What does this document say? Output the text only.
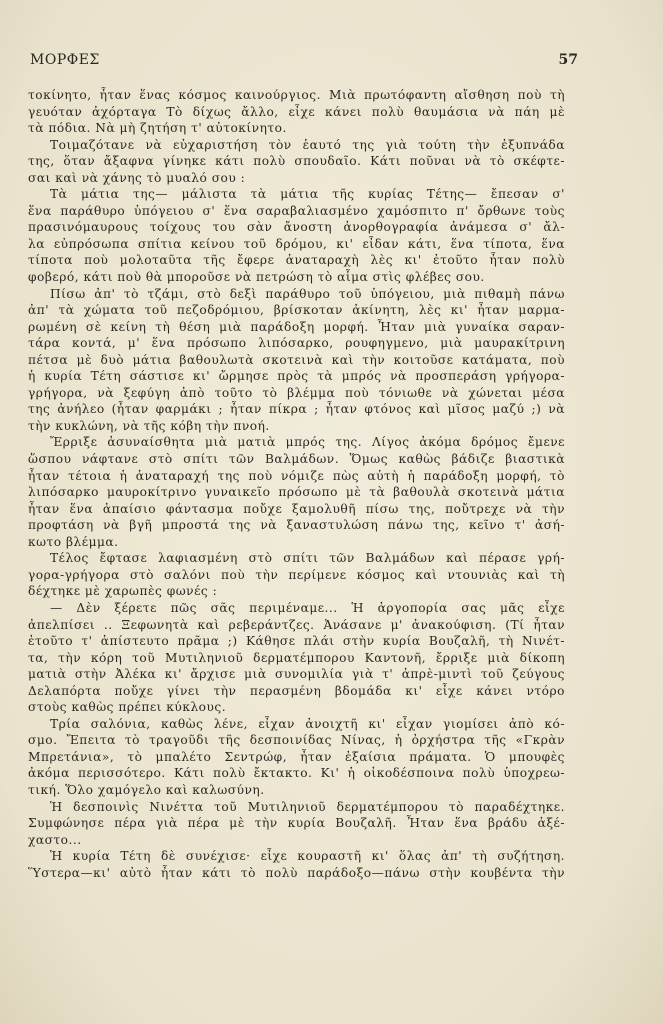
ΜΟΡΦΕΣ	57
τοκίνητο, ἦταν ἕνας κόσμος καινούργιος. Μιὰ πρωτόφαντη αἴσθηση ποὺ τὴ
γευόταν ἀχόρταγα Τὸ δίχως ἄλλο, εἶχε κάνει πολὺ θαυμάσια νὰ πάη μὲ
τὰ πόδια. Νὰ μὴ ζητήση τ' αὐτοκίνητο.
Τοιμαζότανε νὰ εὐχαριστήση τὸν ἑαυτό της γιὰ τούτη τὴν ἐξυπνάδα
της, ὅταν ἄξαφνα γίνηκε κάτι πολὺ σπουδαῖο. Κάτι ποῦναι νὰ τὸ σκέφτε-
σαι καὶ νὰ χάνης τὸ μυαλό σου :
Τὰ μάτια της— μάλιστα τὰ μάτια τῆς κυρίας Τέτης— ἔπεσαν σ'
ἕνα παράθυρο ὑπόγειου σ' ἕνα σαραβαλιασμένο χαμόσπιτο π' ὄρθωνε τοὺς
πρασινόμαυρους τοίχους του σὰν ἄνοστη ἀνορθογραφία ἀνάμεσα σ' ἄλ-
λα εὐπρόσωπα σπίτια κείνου τοῦ δρόμου, κι' εἶδαν κάτι, ἕνα τίποτα, ἕνα
τίποτα ποὺ μολοταῦτα τῆς ἔφερε ἀναταραχὴ λὲς κι' ἐτοῦτο ἦταν πολὺ
φοβερό, κάτι ποὺ θὰ μποροῦσε νὰ πετρώση τὸ αἷμα στὶς φλέβες σου.
Πίσω ἀπ' τὸ τζάμι, στὸ δεξὶ παράθυρο τοῦ ὑπόγειου, μιὰ πιθαμὴ πάνω
ἀπ' τὰ χώματα τοῦ πεζοδρόμιου, βρίσκοταν ἀκίνητη, λὲς κι' ἦταν μαρμα-
ρωμένη σὲ κείνη τὴ θέση μιὰ παράδοξη μορφή. Ἦταν μιὰ γυναίκα σαραν-
τάρα κοντά, μ' ἕνα πρόσωπο λιπόσαρκο, ρουφηγμενο, μιὰ μαυρακίτρινη
πέτσα μὲ δυὸ μάτια βαθουλωτὰ σκοτεινὰ καὶ τὴν κοιτοῦσε κατάματα, ποὺ
ἡ κυρία Τέτη σάστισε κι' ὤρμησε πρὸς τὰ μπρός νὰ προσπεράση γρήγορα-
γρήγορα, νὰ ξεφύγη ἀπὸ τοῦτο τὸ βλέμμα ποὺ τόνιωθε νὰ χώνεται μέσα
της ἀνήλεο (ἦταν φαρμάκι ; ἦταν πίκρα ; ἦταν φτόνος καὶ μῖσος μαζύ ;) νὰ
τὴν κυκλώνη, νὰ τῆς κόβη τὴν πνοή.
Ἔρριξε ἀσυναίσθητα μιὰ ματιὰ μπρός της. Λίγος ἀκόμα δρόμος ἔμενε
ὥσπου νάφτανε στὸ σπίτι τῶν Βαλμάδων. Ὅμως καθὼς βάδιζε βιαστικὰ
ἦταν τέτοια ἡ ἀναταραχή της ποὺ νόμιζε πὼς αὐτὴ ἡ παράδοξη μορφή, τὸ
λιπόσαρκο μαυροκίτρινο γυναικεῖο πρόσωπο μὲ τὰ βαθουλὰ σκοτεινὰ μάτια
ἦταν ἕνα ἀπαίσιο φάντασμα ποὔχε ξαμολυθῆ πίσω της, ποὔτρεχε νὰ τὴν
προφτάση νὰ βγῆ μπροστά της νὰ ξαναστυλώση πάνω της, κεῖνο τ' ἀσή-
κωτο βλέμμα.
Τέλος ἔφτασε λαφιασμένη στὸ σπίτι τῶν Βαλμάδων καὶ πέρασε γρή-
γορα-γρήγορα στὸ σαλόνι ποὺ τὴν περίμενε κόσμος καὶ ντουνιὰς καὶ τὴ
δέχτηκε μὲ χαρωπὲς φωνές :
— Δὲν ξέρετε πῶς σᾶς περιμέναμε... Ἡ ἀργοπορία σας μᾶς εἶχε
ἀπελπίσει .. Ξεφωνητὰ καὶ ρεβεράντζες. Ἀνάσανε μ' ἀνακούφιση. (Τί ἦταν
ἐτοῦτο τ' ἀπίστευτο πρᾶμα ;) Κάθησε πλάι στὴν κυρία Βουζαλῆ, τὴ Νινέτ-
τα, τὴν κόρη τοῦ Μυτιληνιοῦ δερματέμπορου Καντονῆ, ἔρριξε μιὰ δίκοπη
ματιὰ στὴν Ἀλέκα κι' ἄρχισε μιὰ συνομιλία γιὰ τ' ἀπρὲ-μιντὶ τοῦ ζεύγους
Δελαπόρτα ποὔχε γίνει τὴν περασμένη βδομάδα κι' εἶχε κάνει ντόρο
στοὺς καθὼς πρέπει κύκλους.
Τρία σαλόνια, καθὼς λένε, εἶχαν ἀνοιχτῆ κι' εἶχαν γιομίσει ἀπὸ κό-
σμο. Ἔπειτα τὸ τραγοῦδι τῆς δεσποινίδας Νίνας, ἡ ὀρχήστρα τῆς «Γκρὰν
Μπρετάνια», τὸ μπαλέτο Σεντρώφ, ἦταν ἐξαίσια πράματα. Ὁ μπουφὲς
ἀκόμα περισσότερο. Κάτι πολὺ ἔκτακτο. Κι' ἡ οἰκοδέσποινα πολὺ ὑποχρεω-
τική. Ὅλο χαμόγελο καὶ καλωσύνη.
Ἡ δεσποινὶς Νινέττα τοῦ Μυτιληνιοῦ δερματέμπορου τὸ παραδέχτηκε.
Συμφώνησε πέρα γιὰ πέρα μὲ τὴν κυρία Βουζαλῆ. Ἦταν ἕνα βράδυ ἀξέ-
χαστο...
Ἡ κυρία Τέτη δὲ συνέχισε· εἶχε κουραστῆ κι' ὅλας ἀπ' τὴ συζήτηση.
Ὕστερα—κι' αὐτὸ ἦταν κάτι τὸ πολὺ παράδοξο—πάνω στὴν κουβέντα τὴν
